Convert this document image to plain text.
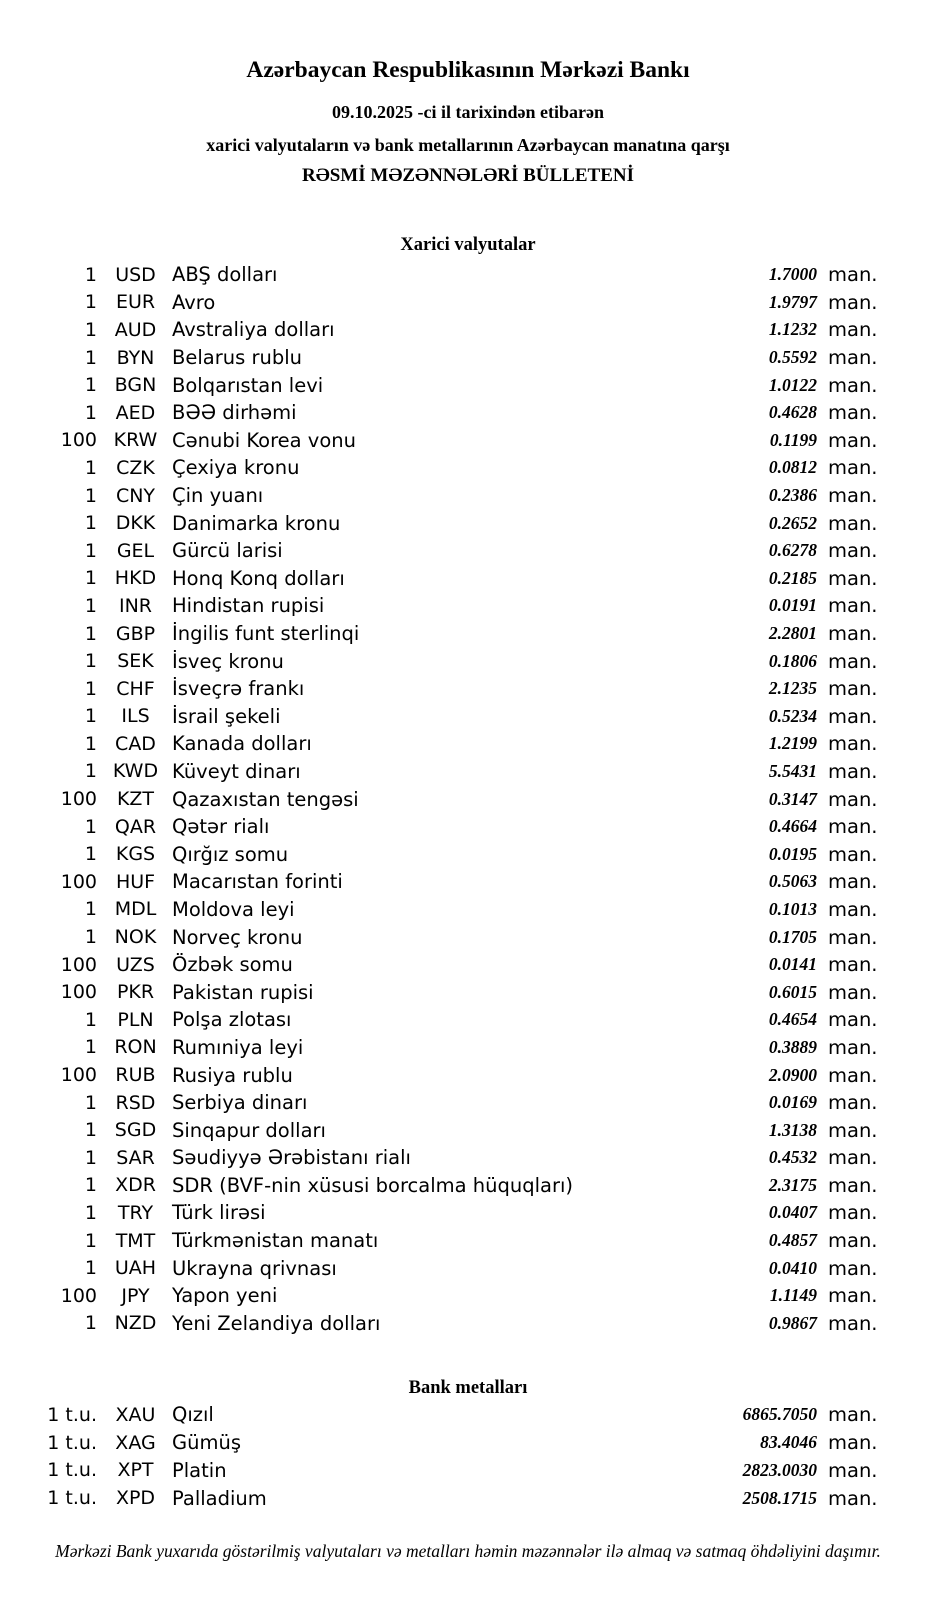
Azərbaycan Respublikasının Mərkəzi Bankı
09.10.2025 -ci il tarixindən etibarən
xarici valyutaların və bank metallarının Azərbaycan manatına qarşı
RƏSMİ MƏZƏNNƏLƏRİ BÜLLETENİ
Xarici valyutalar
1 USD ABŞ dolları	1.7000 man.
1 EUR Avro	1.9797 man.
1 AUD Avstraliya dolları	1.1232 man.
1	BYN Belarus rublu	0.5592 man.
1 BGN Bolqarıstan levi	1.0122 man.
1 AED BƏƏ dirhəmi	0.4628 man.
100 KRW Cənubi Korea vonu	0.1199 man.
1	CZK Çexiya kronu	0.0812 man.
1 CNY Çin yuanı	0.2386 man.
1 DKK Danimarka kronu	0.2652 man.
1	GEL Gürcü larisi	0.6278 man.
1 HKD Honq Konq dolları	0.2185 man.
1	INR	Hindistan rupisi	0.0191 man.
1 GBP İngilis funt sterlinqi	2.2801 man.
1	SEK İsveç kronu	0.1806 man.
1	CHF İsveçrə frankı	2.1235 man.
1	ILS	İsrail şekeli	0.5234 man.
1 CAD Kanada dolları	1.2199 man.
1 KWD Küveyt dinarı	5.5431 man.
100	KZT Qazaxıstan tengəsi	0.3147 man.
1 QAR Qətər rialı	0.4664 man.
1 KGS Qırğız somu	0.0195 man.
100 HUF Macarıstan forinti	0.5063 man.
1 MDL Moldova leyi	0.1013 man.
1 NOK Norveç kronu	0.1705 man.
100	UZS Özbək somu	0.0141 man.
100	PKR Pakistan rupisi	0.6015 man.
1	PLN Polşa zlotası	0.4654 man.
1 RON Rumıniya leyi	0.3889 man.
100 RUB Rusiya rublu	2.0900 man.
1 RSD Serbiya dinarı	0.0169 man.
1 SGD Sinqapur dolları	1.3138 man.
1	SAR Səudiyyə Ərəbistanı rialı	0.4532 man.
1 XDR SDR (BVF-nin xüsusi borcalma hüquqları)	2.3175 man.
1	TRY Türk lirəsi	0.0407 man.
1 TMT Türkmənistan manatı	0.4857 man.
1 UAH Ukrayna qrivnası	0.0410 man.
100	JPY	Yapon yeni	1.1149 man.
1 NZD Yeni Zelandiya dolları	0.9867 man.
Bank metalları
1 t.u. XAU Qızıl	6865.7050 man.
1 t.u. XAG Gümüş	83.4046 man.
1 t.u.	XPT Platin	2823.0030 man.
1 t.u. XPD Palladium	2508.1715 man.
Mərkəzi Bank yuxarıda göstərilmiş valyutaları və metalları həmin məzənnələr ilə almaq və satmaq öhdəliyini daşımır.
